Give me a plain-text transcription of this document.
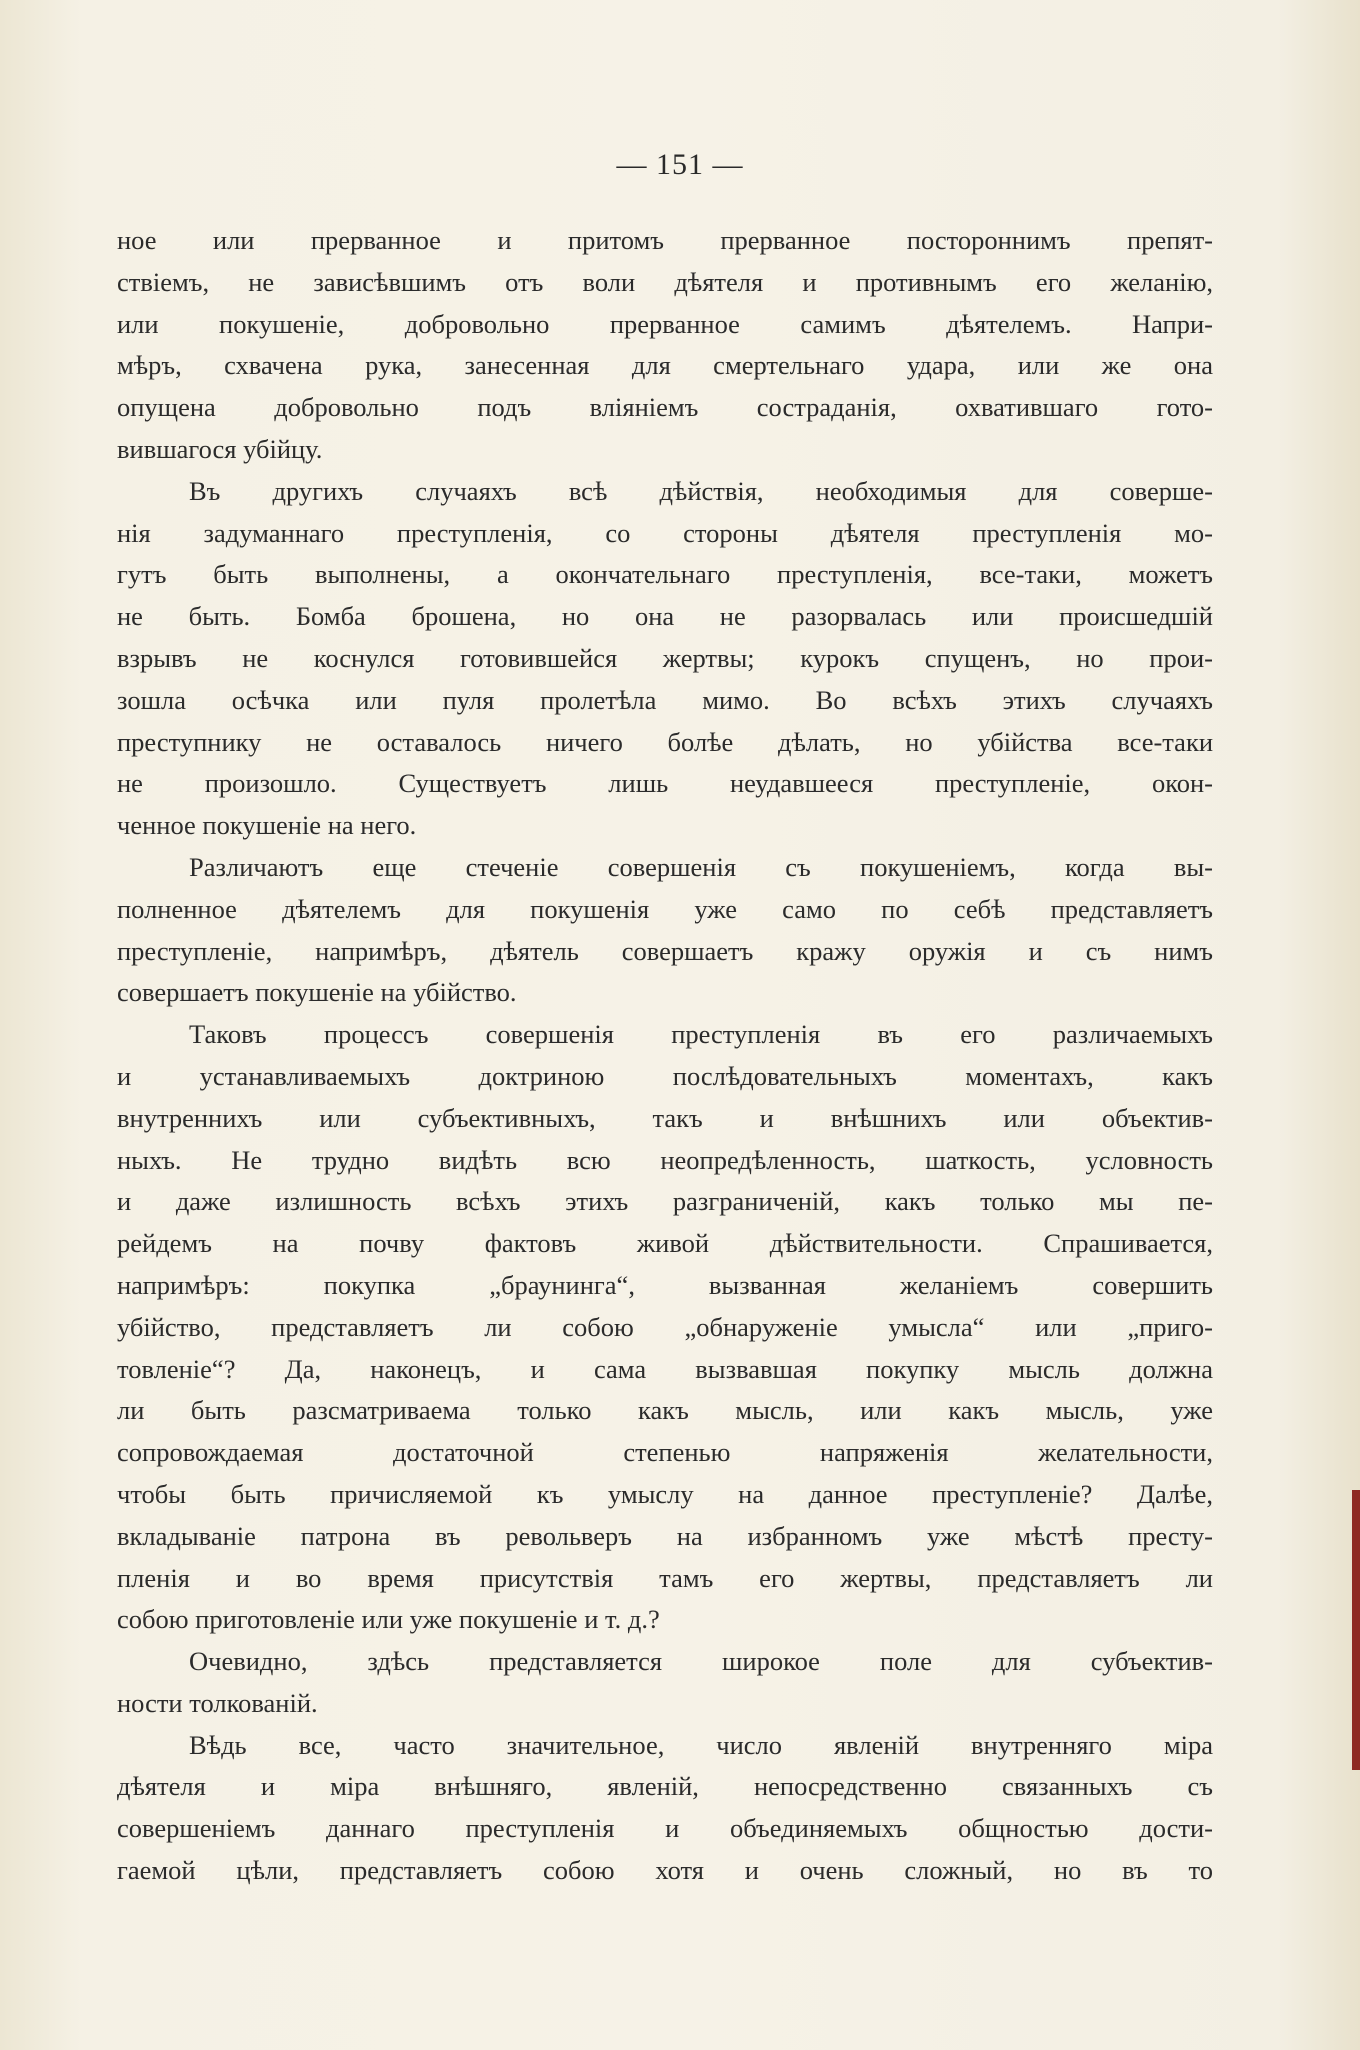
— 151 —
ное или прерванное и притомъ прерванное постороннимъ препят-
ствіемъ, не зависѣвшимъ отъ воли дѣятеля и противнымъ его желанію,
или покушеніе, добровольно прерванное самимъ дѣятелемъ. Напри-
мѣръ, схвачена рука, занесенная для смертельнаго удара, или же она
опущена добровольно подъ вліяніемъ состраданія, охватившаго гото-
вившагося убійцу.
Въ другихъ случаяхъ всѣ дѣйствія, необходимыя для соверше-
нія задуманнаго преступленія, со стороны дѣятеля преступленія мо-
гутъ быть выполнены, а окончательнаго преступленія, все-таки, можетъ
не быть. Бомба брошена, но она не разорвалась или происшедшій
взрывъ не коснулся готовившейся жертвы; курокъ спущенъ, но прои-
зошла осѣчка или пуля пролетѣла мимо. Во всѣхъ этихъ случаяхъ
преступнику не оставалось ничего болѣе дѣлать, но убійства все-таки
не произошло. Существуетъ лишь неудавшееся преступленіе, окон-
ченное покушеніе на него.
Различаютъ еще стеченіе совершенія съ покушеніемъ, когда вы-
полненное дѣятелемъ для покушенія уже само по себѣ представляетъ
преступленіе, напримѣръ, дѣятель совершаетъ кражу оружія и съ нимъ
совершаетъ покушеніе на убійство.
Таковъ процессъ совершенія преступленія въ его различаемыхъ
и устанавливаемыхъ доктриною послѣдовательныхъ моментахъ, какъ
внутреннихъ или субъективныхъ, такъ и внѣшнихъ или объектив-
ныхъ. Не трудно видѣть всю неопредѣленность, шаткость, условность
и даже излишность всѣхъ этихъ разграниченій, какъ только мы пе-
рейдемъ на почву фактовъ живой дѣйствительности. Спрашивается,
напримѣръ: покупка „браунинга“, вызванная желаніемъ совершить
убійство, представляетъ ли собою „обнаруженіе умысла“ или „приго-
товленіе“? Да, наконецъ, и сама вызвавшая покупку мысль должна
ли быть разсматриваема только какъ мысль, или какъ мысль, уже
сопровождаемая достаточной степенью напряженія желательности,
чтобы быть причисляемой къ умыслу на данное преступленіе? Далѣе,
вкладываніе патрона въ револьверъ на избранномъ уже мѣстѣ престу-
пленія и во время присутствія тамъ его жертвы, представляетъ ли
собою приготовленіе или уже покушеніе и т. д.?
Очевидно, здѣсь представляется широкое поле для субъектив-
ности толкованій.
Вѣдь все, часто значительное, число явленій внутренняго міра
дѣятеля и міра внѣшняго, явленій, непосредственно связанныхъ съ
совершеніемъ даннаго преступленія и объединяемыхъ общностью дости-
гаемой цѣли, представляетъ собою хотя и очень сложный, но въ то
